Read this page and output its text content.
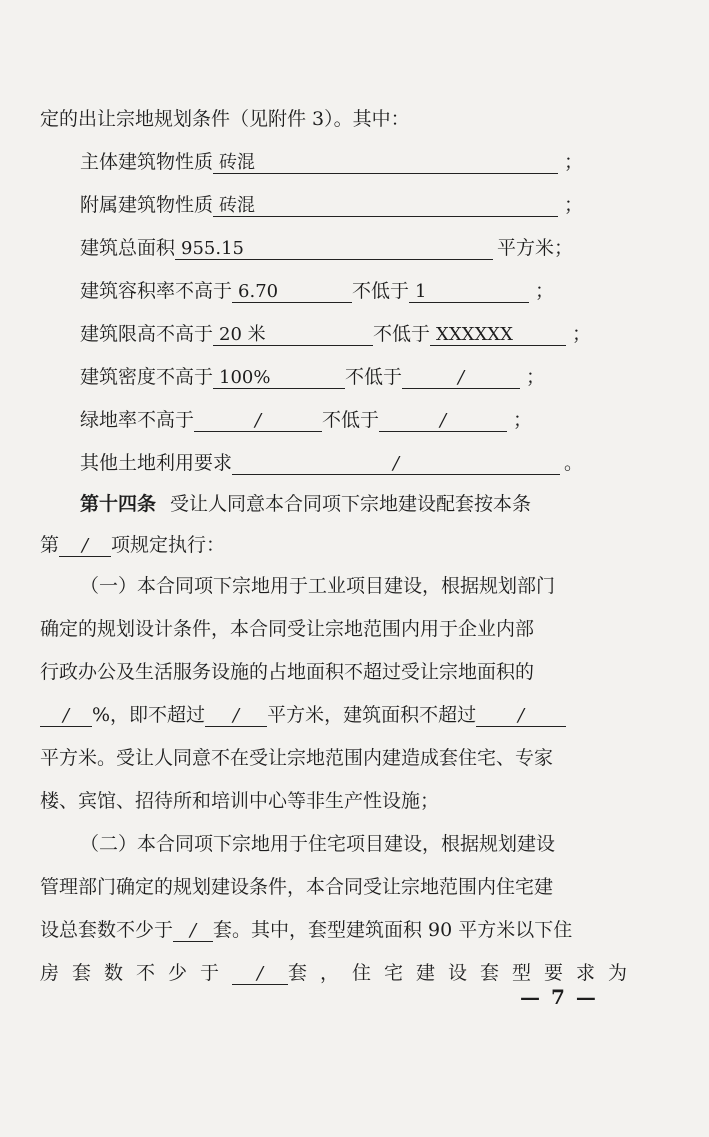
定的出让宗地规划条件（见附件 3）。其中：
主体建筑物性质 砖混	；
附属建筑物性质 砖混	；
建筑总面积 955.15	平方米；
建筑容积率不高于 6.70	不低于 1	；
建筑限高不高于 20 米	不低于 XXXXXX	；
建筑密度不高于 100%	不低于	/	；
绿地率不高于	/	不低于	/	；
其他土地利用要求	/	。
第十四条 受让人同意本合同项下宗地建设配套按本条
第 / 项规定执行：
（一）本合同项下宗地用于工业项目建设，根据规划部门
确定的规划设计条件，本合同受让宗地范围内用于企业内部
行政办公及生活服务设施的占地面积不超过受让宗地面积的
/ %，即不超过 / 平方米，建筑面积不超过 /
平方米。受让人同意不在受让宗地范围内建造成套住宅、专家
楼、宾馆、招待所和培训中心等非生产性设施；
（二）本合同项下宗地用于住宅项目建设，根据规划建设
管理部门确定的规划建设条件，本合同受让宗地范围内住宅建
设总套数不少于 / 套。其中，套型建筑面积 90 平方米以下住
房套数不少于 / 套，住宅建设套型要求为
— 7 —
